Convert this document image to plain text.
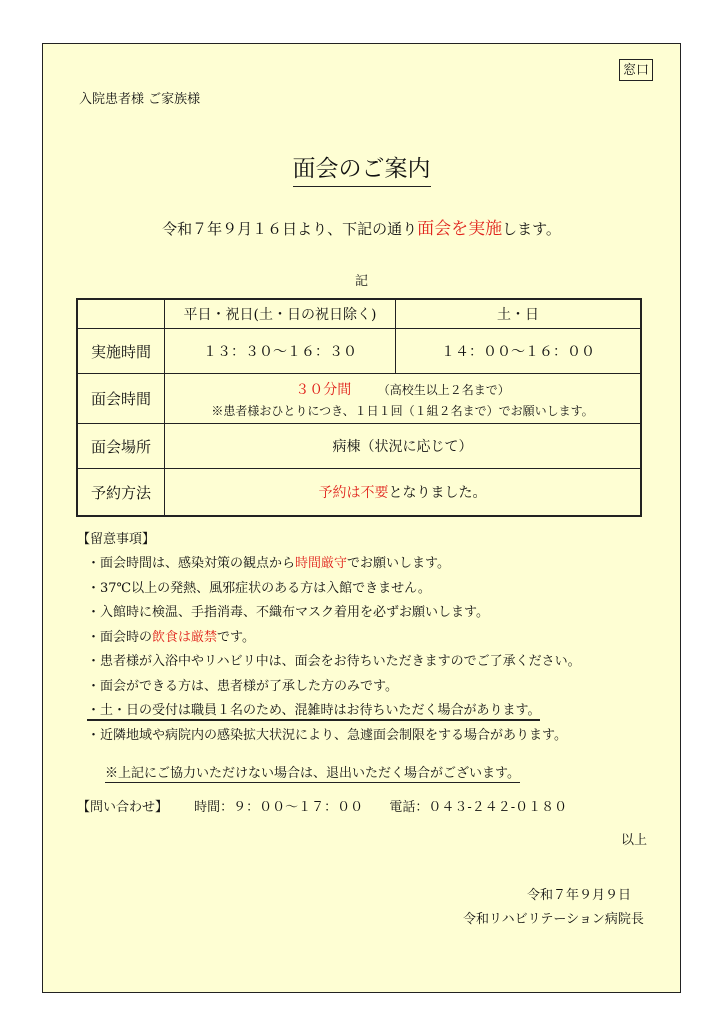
窓口
入院患者様 ご家族様
面会のご案内
令和７年９月１６日より、下記の通り面会を実施します。
記
	平日・祝日(土・日の祝日除く)	土・日
実施時間	１３：３０～１６：３０	１４：００～１６：００
面会時間	３０分間 （高校生以上２名まで）
※患者様おひとりにつき、１日１回（１組２名まで）でお願いします。	

面会場所	病棟（状況に応じて）	
予約方法	予約は不要となりました。	
【留意事項】
・面会時間は、感染対策の観点から時間厳守でお願いします。
・37℃以上の発熱、風邪症状のある方は入館できません。
・入館時に検温、手指消毒、不織布マスク着用を必ずお願いします。
・面会時の飲食は厳禁です。
・患者様が入浴中やリハビリ中は、面会をお待ちいただきますのでご了承ください。
・面会ができる方は、患者様が了承した方のみです。
・土・日の受付は職員１名のため、混雑時はお待ちいただく場合があります。
・近隣地域や病院内の感染拡大状況により、急遽面会制限をする場合があります。
※上記にご協力いただけない場合は、退出いただく場合がございます。
【問い合わせ】 時間：９：００～１７：００ 電話：０４３-２４２-０１８０
以上
令和７年９月９日
令和リハビリテーション病院長
